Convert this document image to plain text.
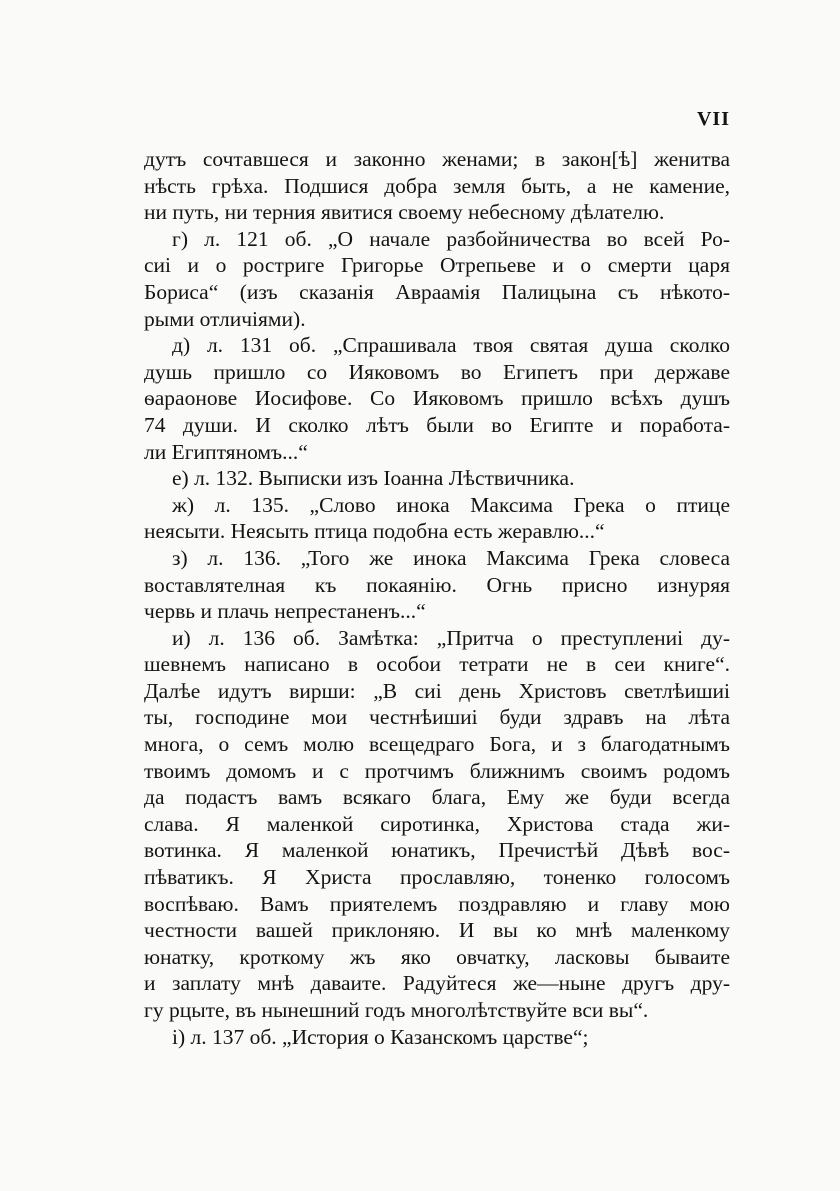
VII
дутъ сочтавшеся и законно женами; в закон[ѣ] женитва
нѣсть грѣха. Подшися добра земля быть, а не камение,
ни путь, ни терния явитися своему небесному дѣлателю.
г) л. 121 об. „О начале разбойничества во всей Ро-
сиі и о ростриге Григорье Отрепьеве и о смерти царя
Бориса“ (изъ сказанія Авраамія Палицына съ нѣкото-
рыми отличіями).
д) л. 131 об. „Спрашивала твоя святая душа сколко
душь пришло со Ияковомъ во Египетъ при державе
ѳараонове Иосифове. Со Ияковомъ пришло всѣхъ душъ
74 души. И сколко лѣтъ были во Египте и поработа-
ли Египтяномъ...“
е) л. 132. Выписки изъ Іоанна Лѣствичника.
ж) л. 135. „Слово инока Максима Грека о птице
неясыти. Неясыть птица подобна есть жеравлю...“
з) л. 136. „Того же инока Максима Грека словеса
воставлятелная къ покаянію. Огнь присно изнуряя
червь и плачь непрестаненъ...“
и) л. 136 об. Замѣтка: „Притча о преступлениі ду-
шевнемъ написано в особои тетрати не в сеи книге“.
Далѣе идутъ вирши: „В сиі день Христовъ светлѣишиі
ты, господине мои честнѣишиі буди здравъ на лѣта
многа, о семъ молю всещедраго Бога, и з благодатнымъ
твоимъ домомъ и с протчимъ ближнимъ своимъ родомъ
да подастъ вамъ всякаго блага, Ему же буди всегда
слава. Я маленкой сиротинка, Христова стада жи-
вотинка. Я маленкой юнатикъ, Пречистѣй Дѣвѣ вос-
пѣватикъ. Я Христа прославляю, тоненко голосомъ
воспѣваю. Вамъ приятелемъ поздравляю и главу мою
честности вашей приклоняю. И вы ко мнѣ маленкому
юнатку, кроткому жъ яко овчатку, ласковы бываите
и заплату мнѣ даваите. Радуйтеся же—ныне другъ дру-
гу рцыте, въ нынешний годъ многолѣтствуйте вси вы“.
і) л. 137 об. „История о Казанскомъ царстве“;
